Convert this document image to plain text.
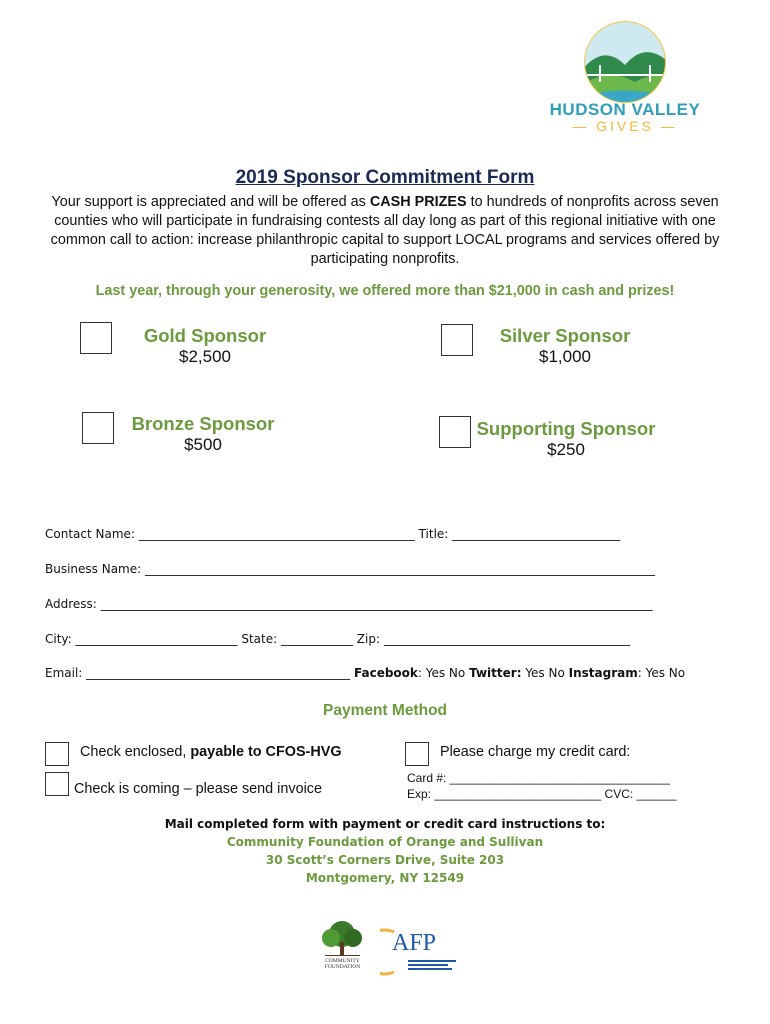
HUDSON VALLEY
— GIVES —
2019 Sponsor Commitment Form
Your support is appreciated and will be offered as CASH PRIZES to hundreds of nonprofits across seven counties who will participate in fundraising contests all day long as part of this regional initiative with one common call to action: increase philanthropic capital to support LOCAL programs and services offered by participating nonprofits.
Last year, through your generosity, we offered more than $21,000 in cash and prizes!
Gold Sponsor
$2,500
Silver Sponsor
$1,000
Bronze Sponsor
$500
Supporting Sponsor
$250
Contact Name: ______________________________________________ Title: ____________________________
Business Name: _____________________________________________________________________________________
Address: ____________________________________________________________________________________________
City: ___________________________ State: ____________ Zip: _________________________________________
Email: ____________________________________________ Facebook: Yes No Twitter: Yes No Instagram: Yes No
Payment Method
Check enclosed, payable to CFOS-HVG
Check is coming – please send invoice
Please charge my credit card:
Card #: _________________________________
Exp: _________________________ CVC: ______
Mail completed form with payment or credit card instructions to:
Community Foundation of Orange and Sullivan
30 Scott’s Corners Drive, Suite 203
Montgomery, NY 12549
COMMUNITY FOUNDATION
AFP
